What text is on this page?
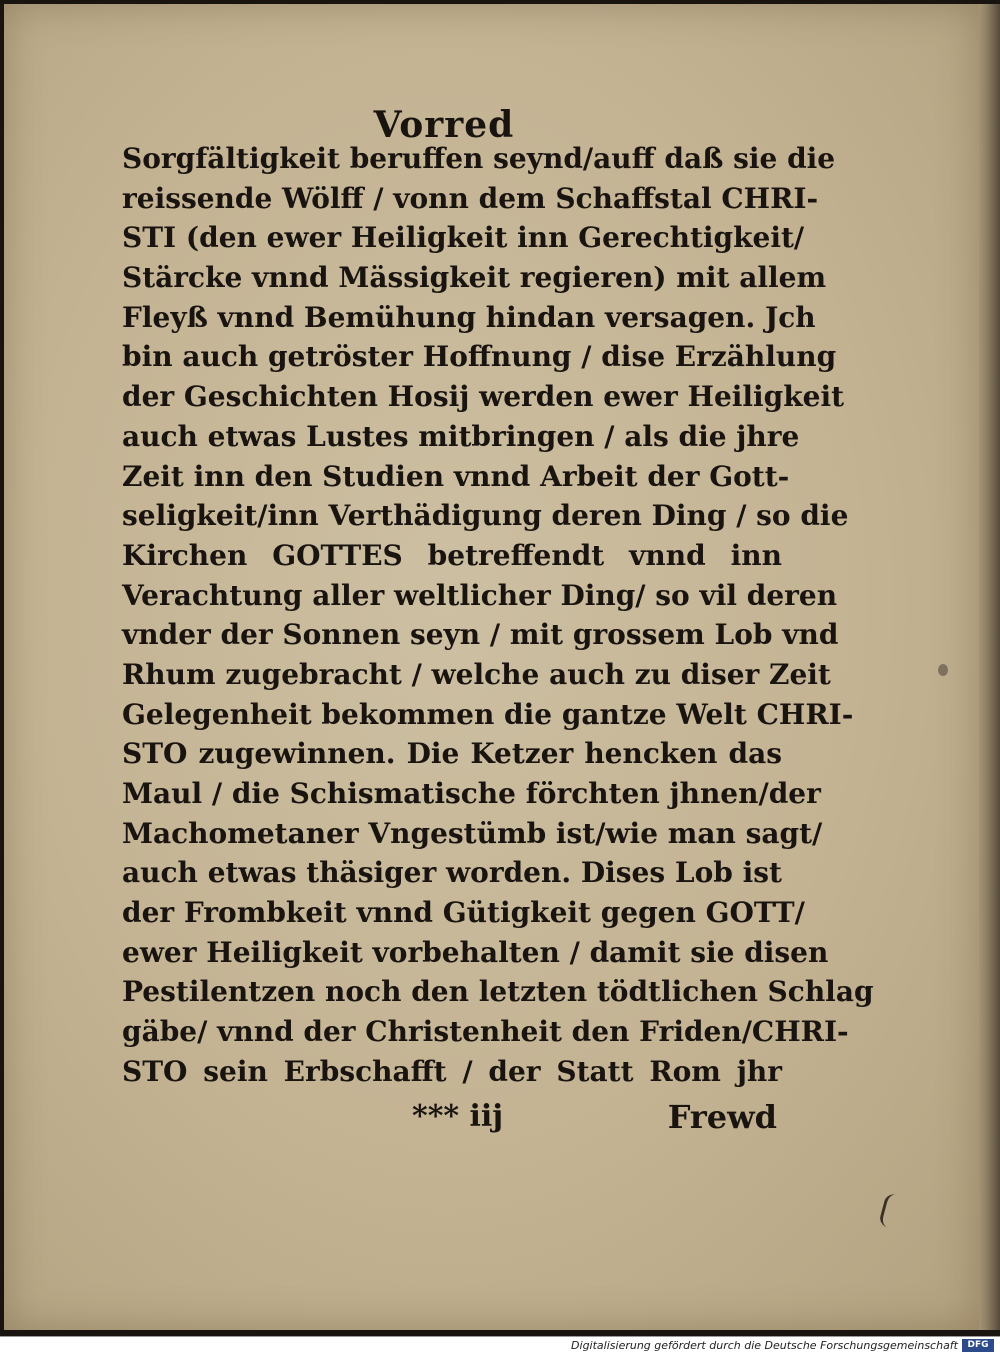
Vorred
Sorgfältigkeit beruffen seynd/auff daß sie die
reissende Wölff / vonn dem Schaffstal CHRI-
STI (den ewer Heiligkeit inn Gerechtigkeit/
Stärcke vnnd Mässigkeit regieren) mit allem
Fleyß vnnd Bemühung hindan versagen. Jch
bin auch getröster Hoffnung / dise Erzählung
der Geschichten Hosij werden ewer Heiligkeit
auch etwas Lustes mitbringen / als die jhre
Zeit inn den Studien vnnd Arbeit der Gott-
seligkeit/inn Verthädigung deren Ding / so die
Kirchen GOTTES betreffendt vnnd inn
Verachtung aller weltlicher Ding/ so vil deren
vnder der Sonnen seyn / mit grossem Lob vnd
Rhum zugebracht / welche auch zu diser Zeit
Gelegenheit bekommen die gantze Welt CHRI-
STO zugewinnen. Die Ketzer hencken das
Maul / die Schismatische förchten jhnen/der
Machometaner Vngestümb ist/wie man sagt/
auch etwas thäsiger worden. Dises Lob ist
der Frombkeit vnnd Gütigkeit gegen GOTT/
ewer Heiligkeit vorbehalten / damit sie disen
Pestilentzen noch den letzten tödtlichen Schlag
gäbe/ vnnd der Christenheit den Friden/CHRI-
STO sein Erbschafft / der Statt Rom jhr
*** iij	Frewd
Digitalisierung gefördert durch die Deutsche Forschungsgemeinschaft	DFG
